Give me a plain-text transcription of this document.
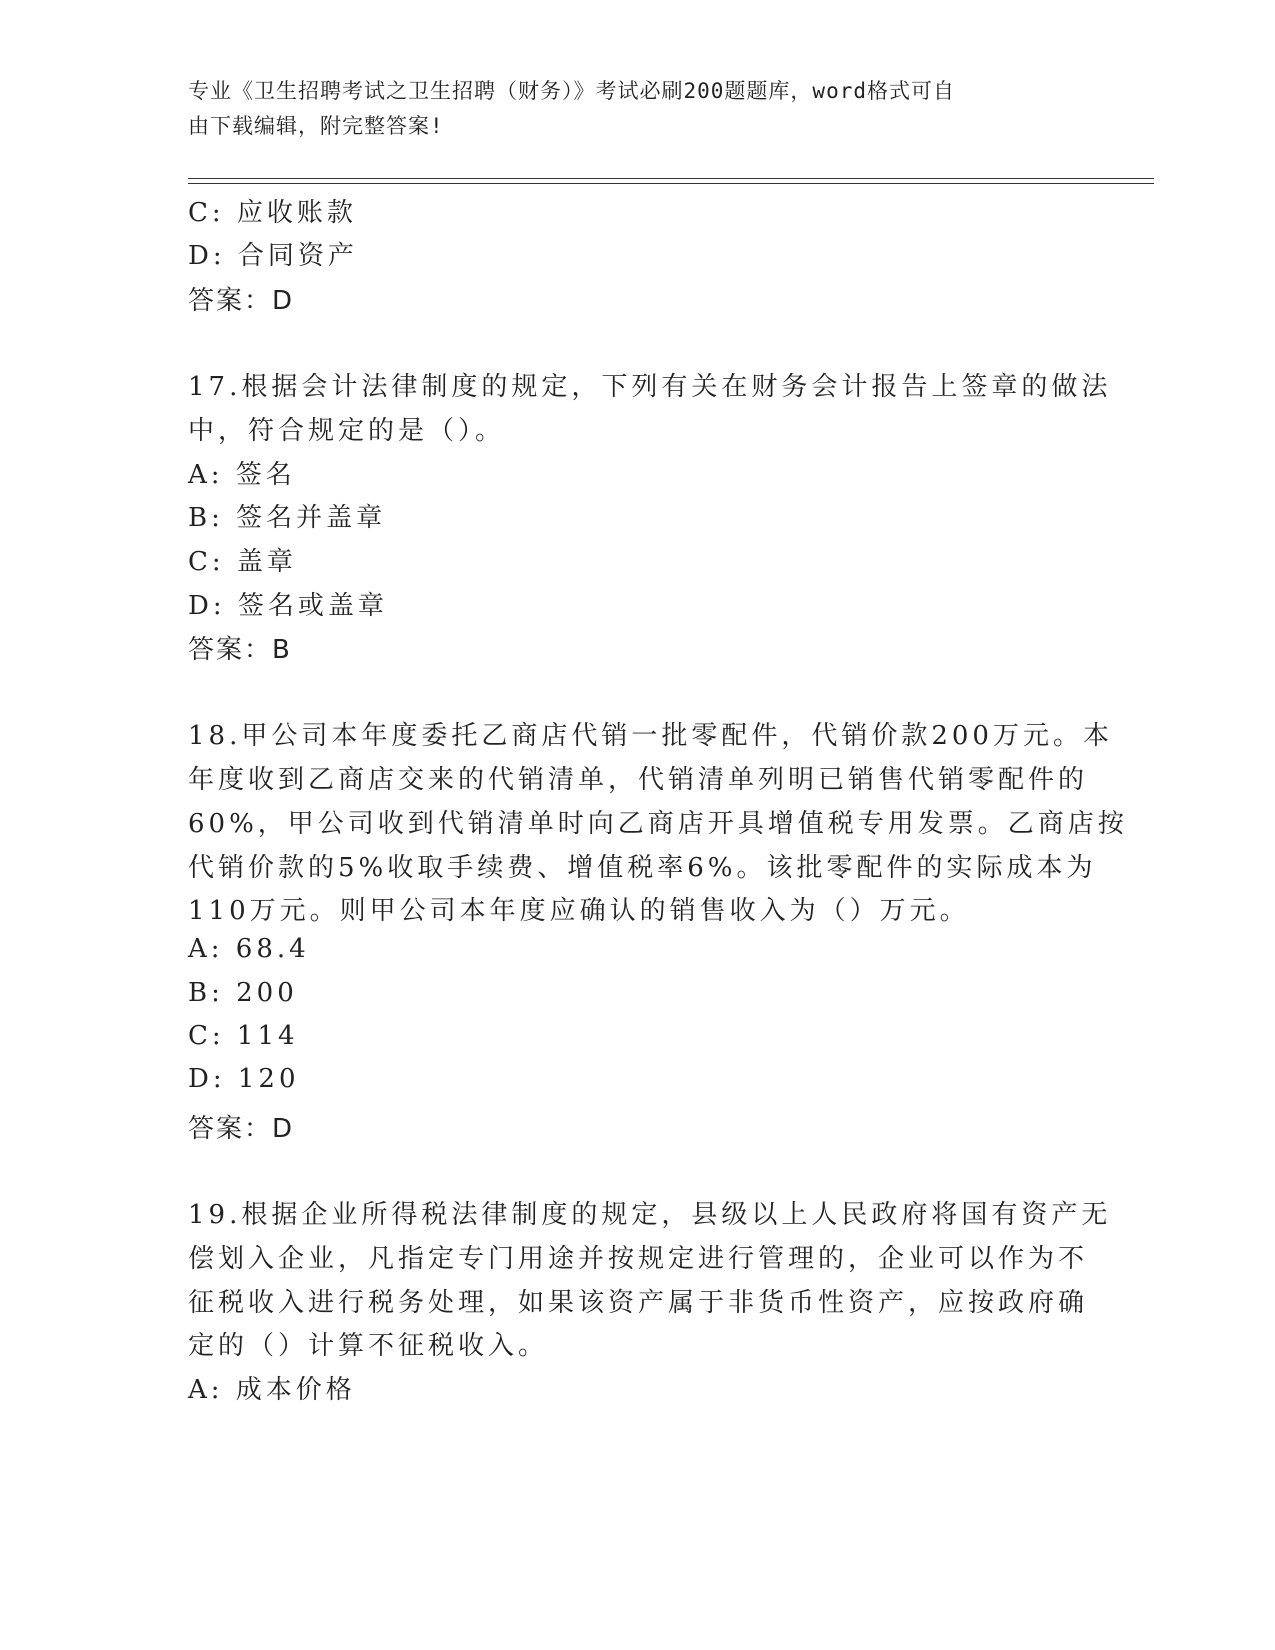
专业《卫生招聘考试之卫生招聘（财务）》考试必刷200题题库，word格式可自
由下载编辑，附完整答案!
C: 应收账款
D: 合同资产
答案：D
17.根据会计法律制度的规定，下列有关在财务会计报告上签章的做法
中，符合规定的是（）。
A: 签名
B: 签名并盖章
C: 盖章
D: 签名或盖章
答案：B
18.甲公司本年度委托乙商店代销一批零配件，代销价款200万元。本
年度收到乙商店交来的代销清单，代销清单列明已销售代销零配件的
60%，甲公司收到代销清单时向乙商店开具增值税专用发票。乙商店按
代销价款的5%收取手续费、增值税率6%。该批零配件的实际成本为
110万元。则甲公司本年度应确认的销售收入为（）万元。
A: 68.4
B: 200
C: 114
D: 120
答案：D
19.根据企业所得税法律制度的规定，县级以上人民政府将国有资产无
偿划入企业，凡指定专门用途并按规定进行管理的，企业可以作为不
征税收入进行税务处理，如果该资产属于非货币性资产，应按政府确
定的（）计算不征税收入。
A: 成本价格
